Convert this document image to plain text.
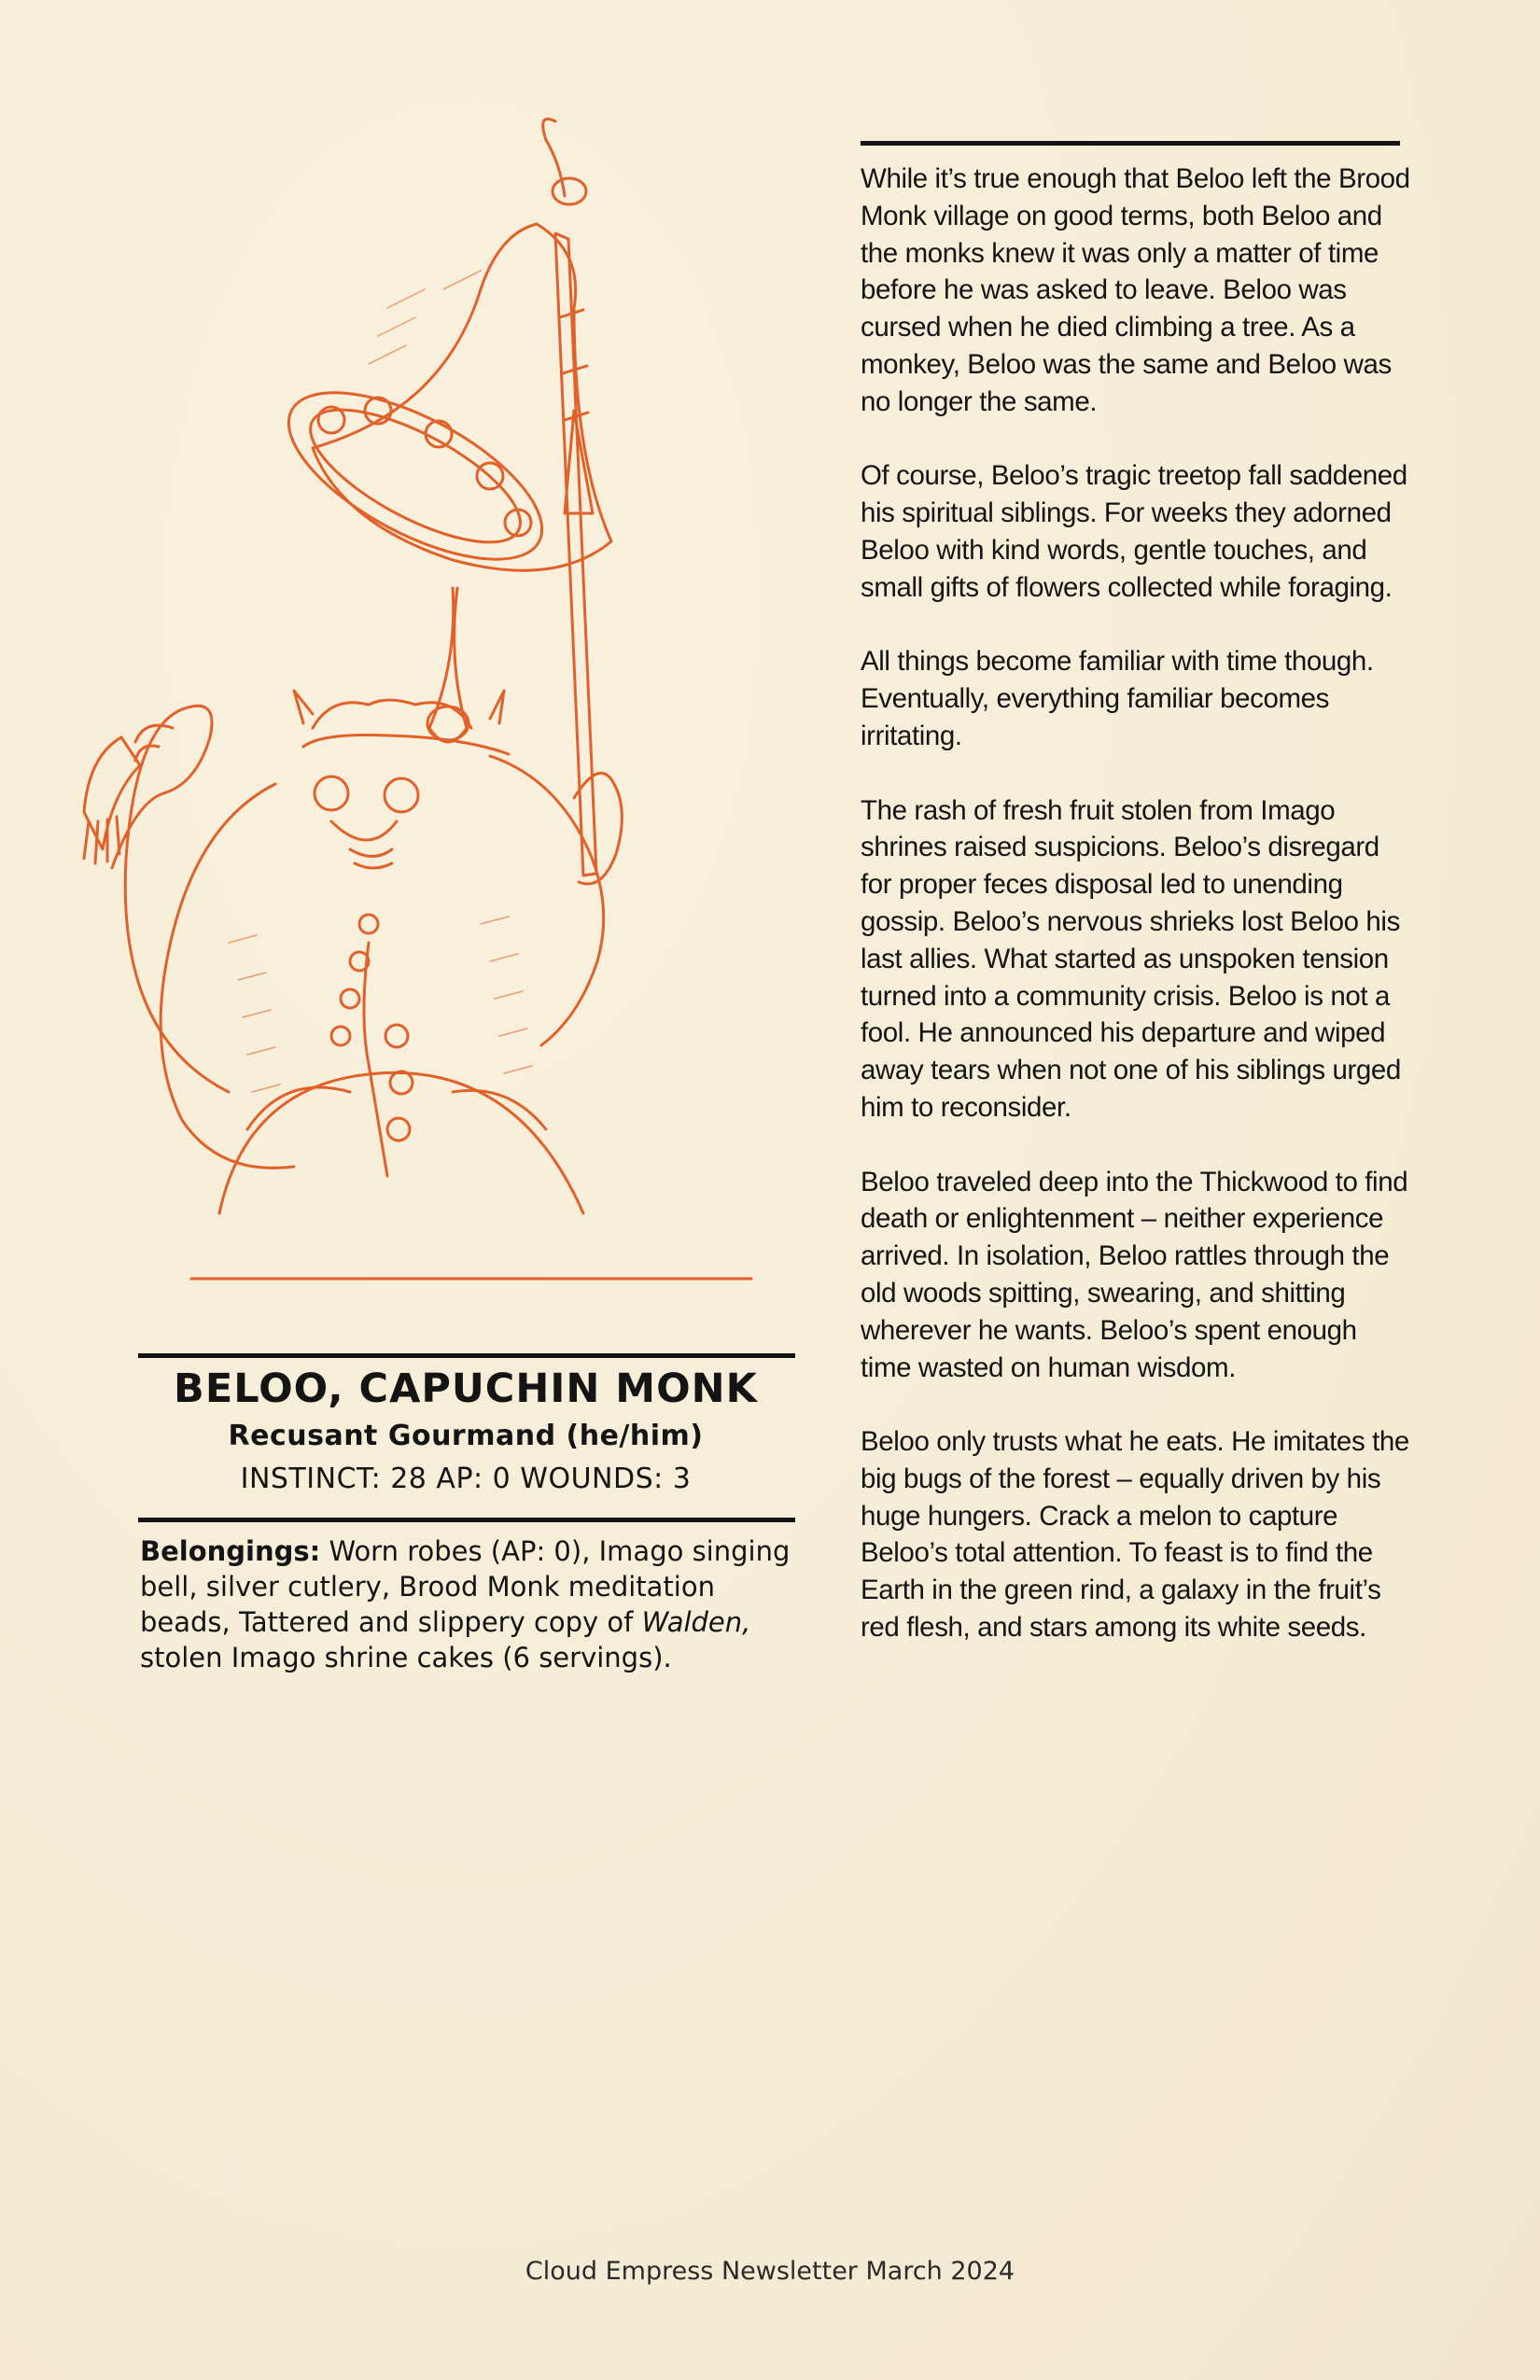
While it’s true enough that Beloo left the Brood Monk village on good terms, both Beloo and the monks knew it was only a matter of time before he was asked to leave. Beloo was cursed when he died climbing a tree. As a monkey, Beloo was the same and Beloo was no longer the same.

Of course, Beloo’s tragic treetop fall saddened his spiritual siblings. For weeks they adorned Beloo with kind words, gentle touches, and small gifts of flowers collected while foraging.

All things become familiar with time though. Eventually, everything familiar becomes irritating.

The rash of fresh fruit stolen from Imago shrines raised suspicions. Beloo’s disregard for proper feces disposal led to unending gossip. Beloo’s nervous shrieks lost Beloo his last allies. What started as unspoken tension turned into a community crisis. Beloo is not a fool. He announced his departure and wiped away tears when not one of his siblings urged him to reconsider.

Beloo traveled deep into the Thickwood to find death or enlightenment – neither experience arrived. In isolation, Beloo rattles through the old woods spitting, swearing, and shitting wherever he wants. Beloo’s spent enough time wasted on human wisdom.

Beloo only trusts what he eats. He imitates the big bugs of the forest – equally driven by his huge hungers. Crack a melon to capture Beloo’s total attention. To feast is to find the Earth in the green rind, a galaxy in the fruit’s red flesh, and stars among its white seeds.

BELOO, CAPUCHIN MONK
Recusant Gourmand (he/him)
INSTINCT: 28 AP: 0 WOUNDS: 3
Belongings: Worn robes (AP: 0), Imago singing bell, silver cutlery, Brood Monk meditation beads, Tattered and slippery copy of Walden, stolen Imago shrine cakes (6 servings).
Cloud Empress Newsletter March 2024
